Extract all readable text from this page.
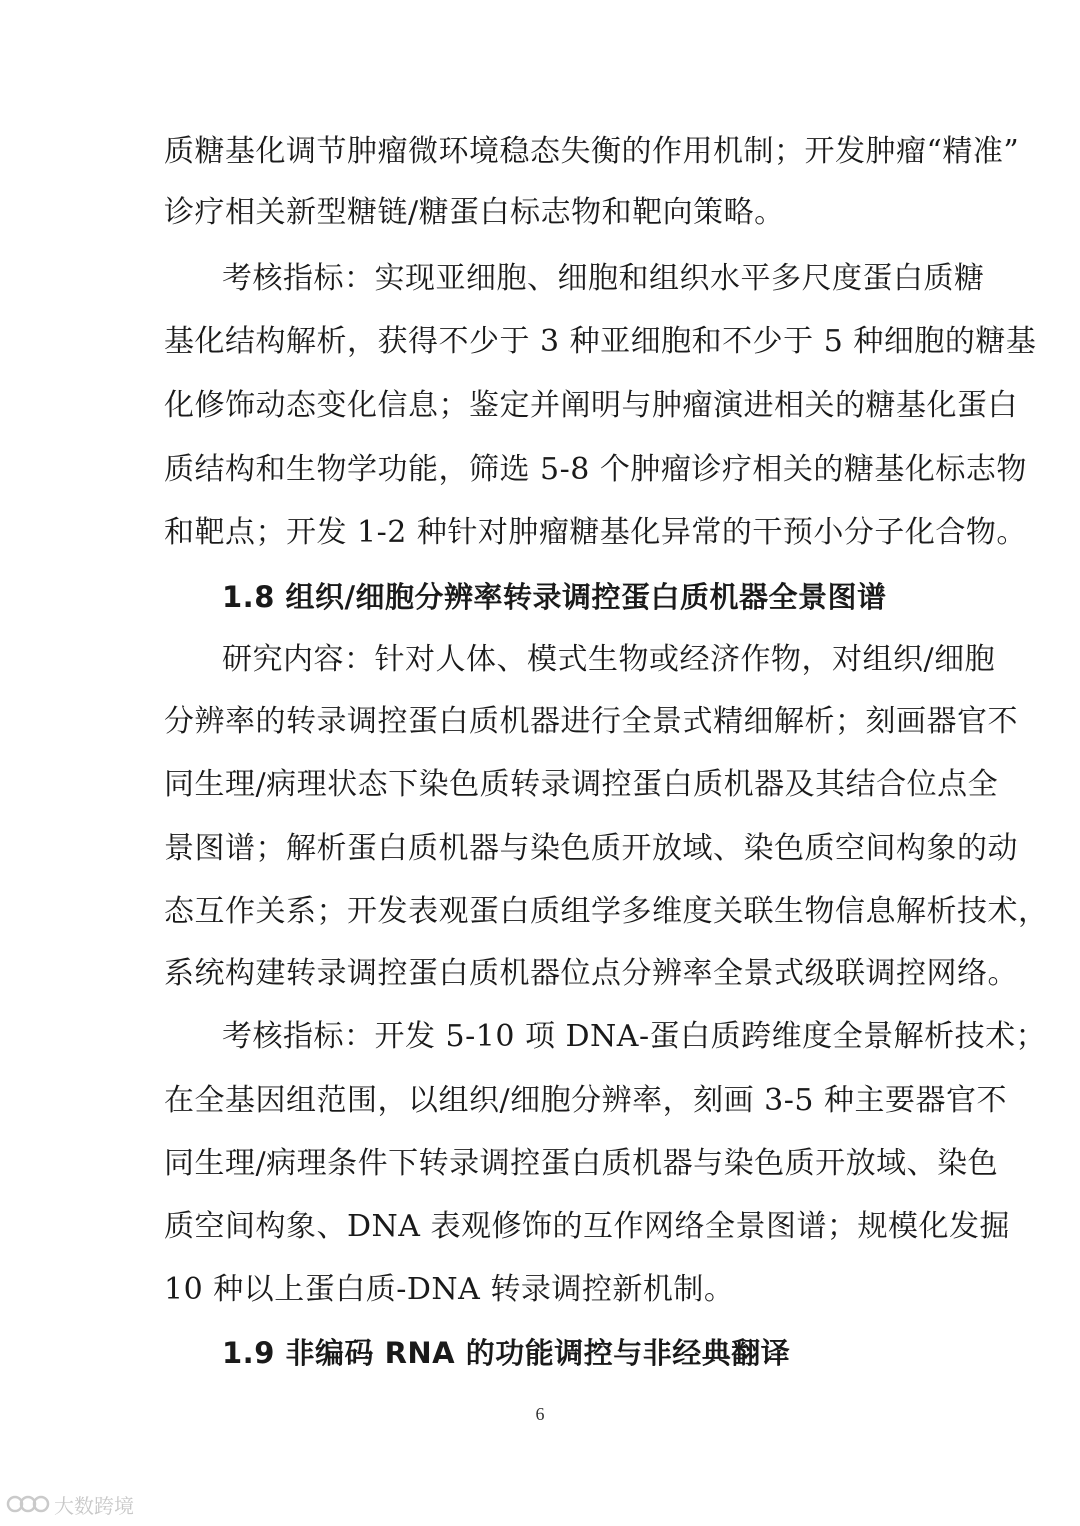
质糖基化调节肿瘤微环境稳态失衡的作用机制；开发肿瘤“精准”
诊疗相关新型糖链/糖蛋白标志物和靶向策略。
考核指标：实现亚细胞、细胞和组织水平多尺度蛋白质糖
基化结构解析，获得不少于 3 种亚细胞和不少于 5 种细胞的糖基
化修饰动态变化信息；鉴定并阐明与肿瘤演进相关的糖基化蛋白
质结构和生物学功能，筛选 5-8 个肿瘤诊疗相关的糖基化标志物
和靶点；开发 1-2 种针对肿瘤糖基化异常的干预小分子化合物。
1.8 组织/细胞分辨率转录调控蛋白质机器全景图谱
研究内容：针对人体、模式生物或经济作物，对组织/细胞
分辨率的转录调控蛋白质机器进行全景式精细解析；刻画器官不
同生理/病理状态下染色质转录调控蛋白质机器及其结合位点全
景图谱；解析蛋白质机器与染色质开放域、染色质空间构象的动
态互作关系；开发表观蛋白质组学多维度关联生物信息解析技术，
系统构建转录调控蛋白质机器位点分辨率全景式级联调控网络。
考核指标：开发 5-10 项 DNA-蛋白质跨维度全景解析技术；
在全基因组范围，以组织/细胞分辨率，刻画 3-5 种主要器官不
同生理/病理条件下转录调控蛋白质机器与染色质开放域、染色
质空间构象、DNA 表观修饰的互作网络全景图谱；规模化发掘
10 种以上蛋白质-DNA 转录调控新机制。
1.9 非编码 RNA 的功能调控与非经典翻译
6
大数跨境
